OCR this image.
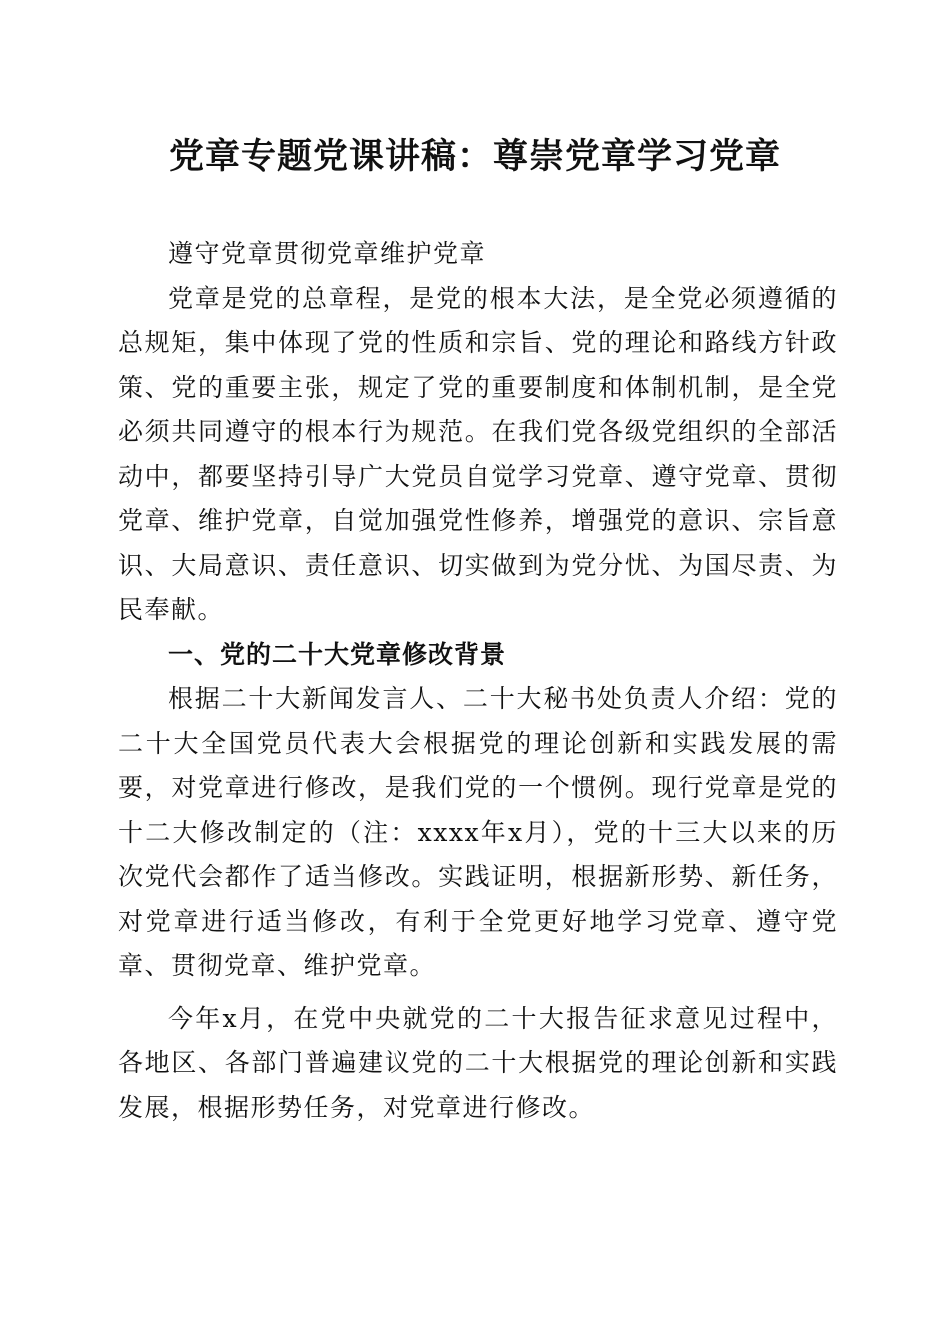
党章专题党课讲稿：尊崇党章学习党章

遵守党章贯彻党章维护党章

党章是党的总章程，是党的根本大法，是全党必须遵循的总规矩，集中体现了党的性质和宗旨、党的理论和路线方针政策、党的重要主张，规定了党的重要制度和体制机制，是全党必须共同遵守的根本行为规范。在我们党各级党组织的全部活动中，都要坚持引导广大党员自觉学习党章、遵守党章、贯彻党章、维护党章，自觉加强党性修养，增强党的意识、宗旨意识、大局意识、责任意识、切实做到为党分忧、为国尽责、为民奉献。

一、党的二十大党章修改背景

根据二十大新闻发言人、二十大秘书处负责人介绍：党的二十大全国党员代表大会根据党的理论创新和实践发展的需要，对党章进行修改，是我们党的一个惯例。现行党章是党的十二大修改制定的（注：xxxx年x月），党的十三大以来的历次党代会都作了适当修改。实践证明，根据新形势、新任务，对党章进行适当修改，有利于全党更好地学习党章、遵守党章、贯彻党章、维护党章。

今年x月，在党中央就党的二十大报告征求意见过程中，各地区、各部门普遍建议党的二十大根据党的理论创新和实践发展，根据形势任务，对党章进行修改。
